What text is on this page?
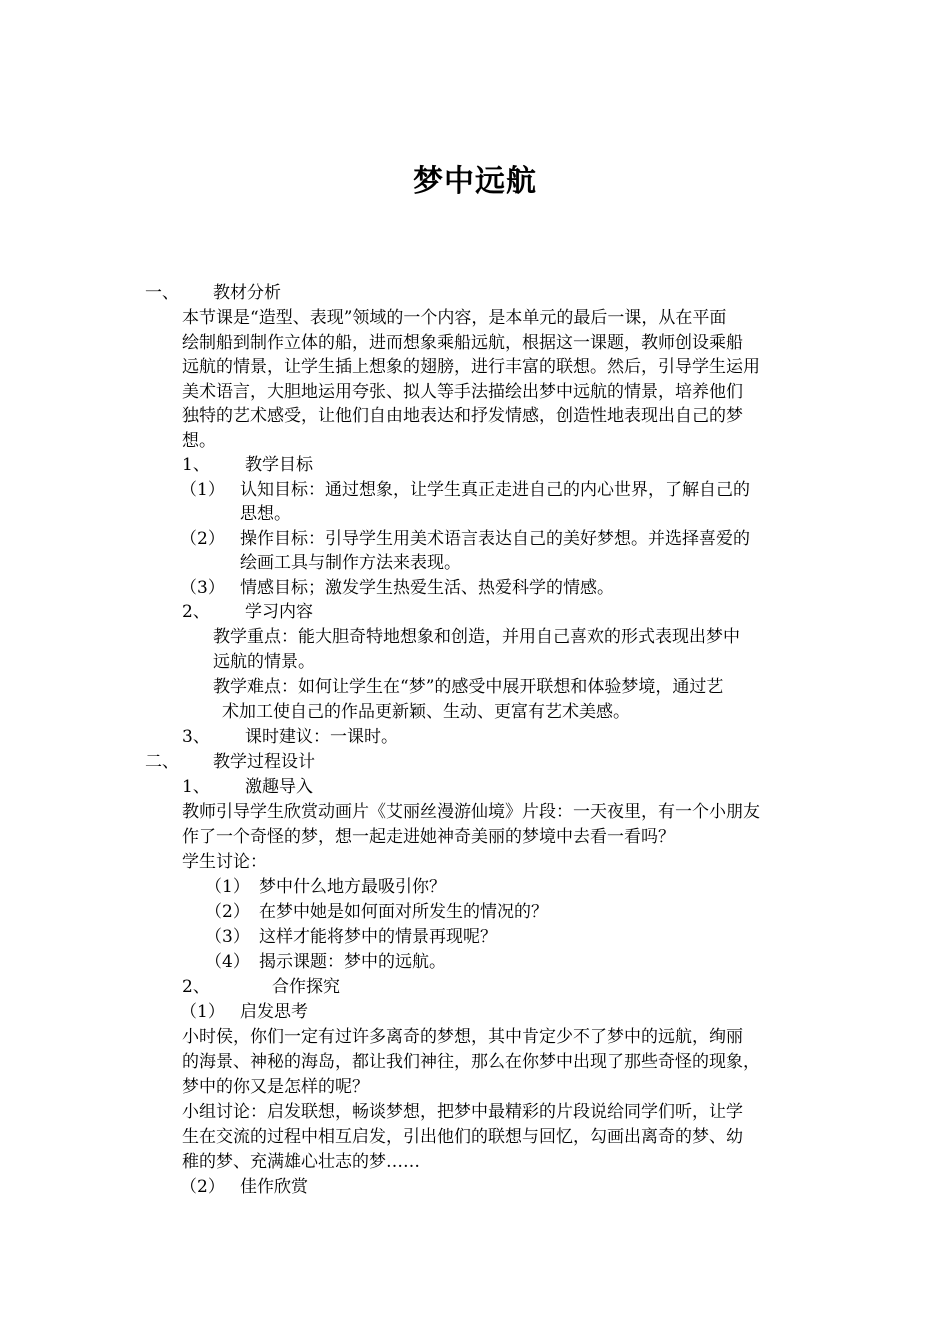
梦中远航
一、 教材分析
本节课是“造型、表现”领域的一个内容，是本单元的最后一课，从在平面
绘制船到制作立体的船，进而想象乘船远航，根据这一课题，教师创设乘船
远航的情景，让学生插上想象的翅膀，进行丰富的联想。然后，引导学生运用
美术语言，大胆地运用夸张、拟人等手法描绘出梦中远航的情景，培养他们
独特的艺术感受，让他们自由地表达和抒发情感，创造性地表现出自己的梦
想。
1、 教学目标
（1） 认知目标：通过想象，让学生真正走进自己的内心世界，了解自己的
思想。
（2） 操作目标：引导学生用美术语言表达自己的美好梦想。并选择喜爱的
绘画工具与制作方法来表现。
（3） 情感目标；激发学生热爱生活、热爱科学的情感。
2、 学习内容
教学重点：能大胆奇特地想象和创造，并用自己喜欢的形式表现出梦中
远航的情景。
教学难点：如何让学生在“梦”的感受中展开联想和体验梦境，通过艺
术加工使自己的作品更新颖、生动、更富有艺术美感。
3、 课时建议：一课时。
二、 教学过程设计
1、 激趣导入
教师引导学生欣赏动画片《艾丽丝漫游仙境》片段：一天夜里，有一个小朋友
作了一个奇怪的梦，想一起走进她神奇美丽的梦境中去看一看吗？
学生讨论：
（1） 梦中什么地方最吸引你？
（2） 在梦中她是如何面对所发生的情况的？
（3） 这样才能将梦中的情景再现呢？
（4） 揭示课题：梦中的远航。
2、	合作探究
（1） 启发思考
小时侯，你们一定有过许多离奇的梦想，其中肯定少不了梦中的远航，绚丽
的海景、神秘的海岛，都让我们神往，那么在你梦中出现了那些奇怪的现象，
梦中的你又是怎样的呢？
小组讨论：启发联想，畅谈梦想，把梦中最精彩的片段说给同学们听，让学
生在交流的过程中相互启发，引出他们的联想与回忆，勾画出离奇的梦、幼
稚的梦、充满雄心壮志的梦……
（2） 佳作欣赏
